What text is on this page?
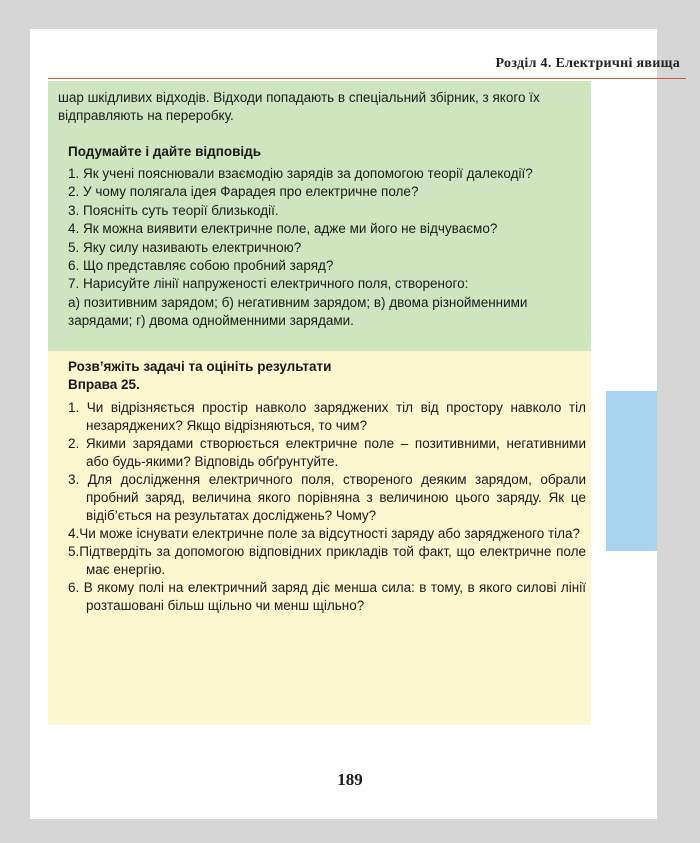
Розділ 4. Електричні явища
шар шкідливих відходів. Відходи попадають в спеціальний збірник, з якого їх відправляють на переробку.
Подумайте і дайте відповідь
1. Як учені пояснювали взаємодію зарядів за допомогою теорії далекодії?
2. У чому полягала ідея Фарадея про електричне поле?
3. Поясніть суть теорії близькодії.
4. Як можна виявити електричне поле, адже ми його не відчуваємо?
5. Яку силу називають електричною?
6. Що представляє собою пробний заряд?
7. Нарисуйте лінії напруженості електричного поля, створеного:
а) позитивним зарядом; б) негативним зарядом; в) двома різнойменними зарядами; г) двома однойменними зарядами.
Розв’яжіть задачі та оцініть результати
Вправа 25.
1. Чи відрізняється простір навколо заряджених тіл від простору навколо тіл незаряджених? Якщо відрізняються, то чим?
2. Якими зарядами створюється електричне поле – позитивними, негативними або будь-якими? Відповідь обґрунтуйте.
3. Для дослідження електричного поля, створеного деяким зарядом, обрали пробний заряд, величина якого порівняна з величиною цього заряду. Як це відіб’ється на результатах досліджень? Чому?
4.Чи може існувати електричне поле за відсутності заряду або зарядженого тіла?
5.Підтвердіть за допомогою відповідних прикладів той факт, що електричне поле має енергію.
6. В якому полі на електричний заряд діє менша сила: в тому, в якого силові лінії розташовані більш щільно чи менш щільно?
189
